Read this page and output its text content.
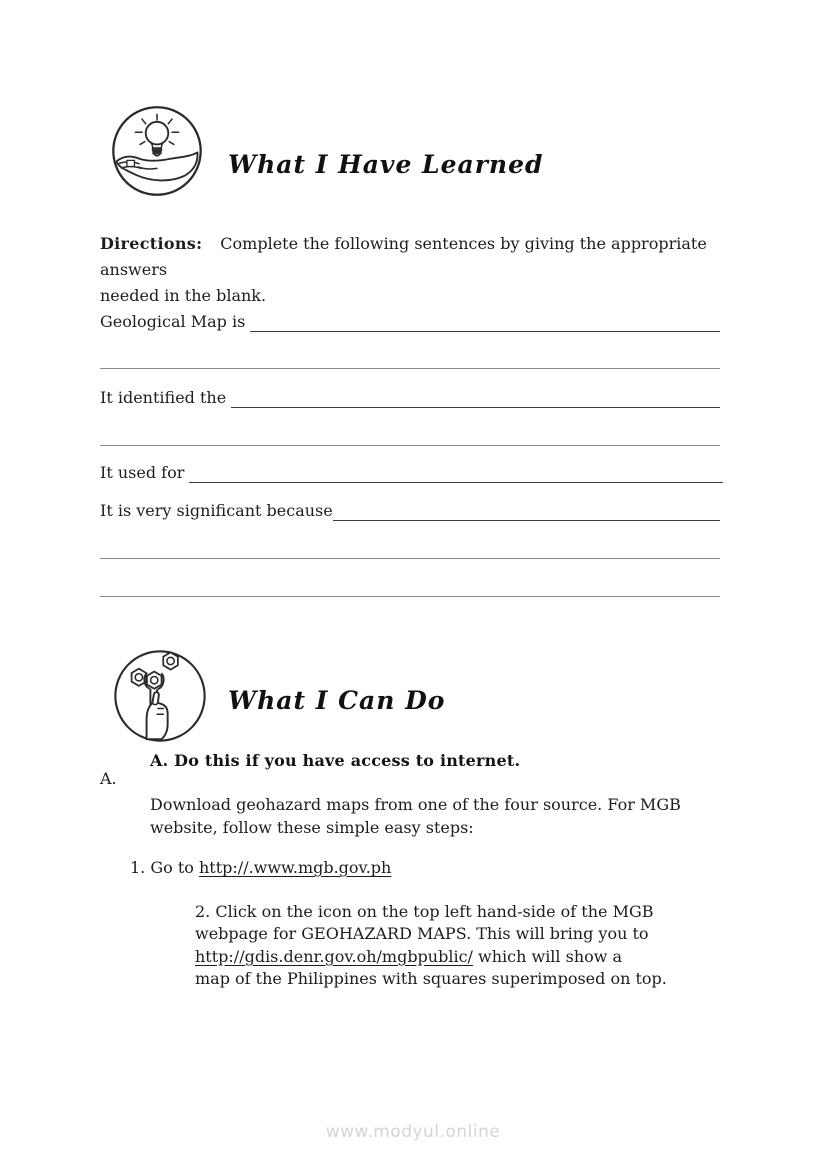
What I Have Learned
Directions: Complete the following sentences by giving the appropriate answers
needed in the blank.
Geological Map is
It identified the
It used for
It is very significant because
What I Can Do
A. Do this if you have access to internet.
A.
Download geohazard maps from one of the four source. For MGB
website, follow these simple easy steps:
1. Go to http://.www.mgb.gov.ph
2. Click on the icon on the top left hand-side of the MGB
webpage for GEOHAZARD MAPS. This will bring you to
http://gdis.denr.gov.oh/mgbpublic/ which will show a
map of the Philippines with squares superimposed on top.
www.modyul.online
